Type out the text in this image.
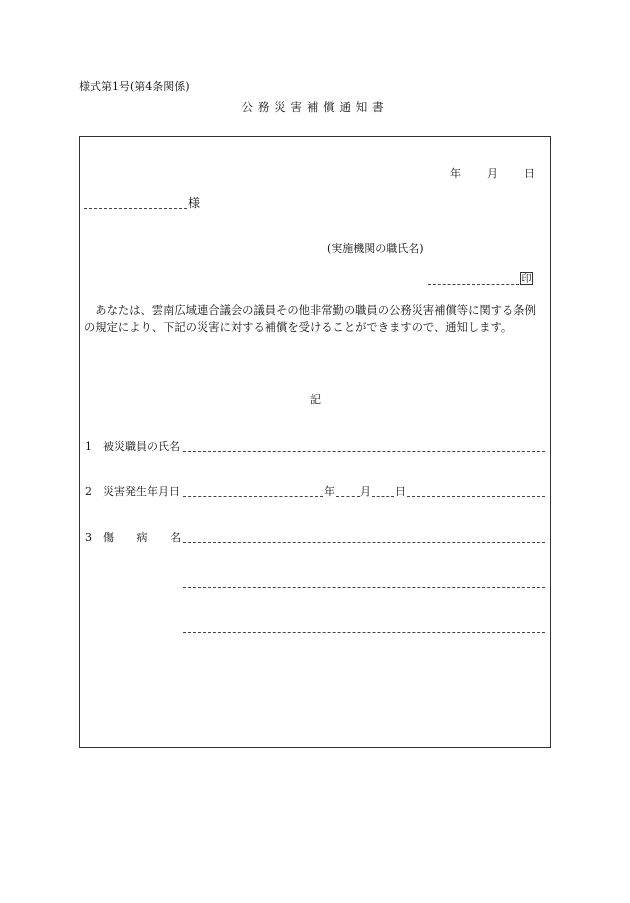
様式第1号(第4条関係)
公務災害補償通知書
年 月 日
様
(実施機関の職氏名)
印
あなたは、雲南広域連合議会の議員その他非常勤の職員の公務災害補償等に関する条例の規定により、下記の災害に対する補償を受けることができますので、通知します。
記
1 被災職員の氏名
2 災害発生年月日	年 月 日
3 傷病名
